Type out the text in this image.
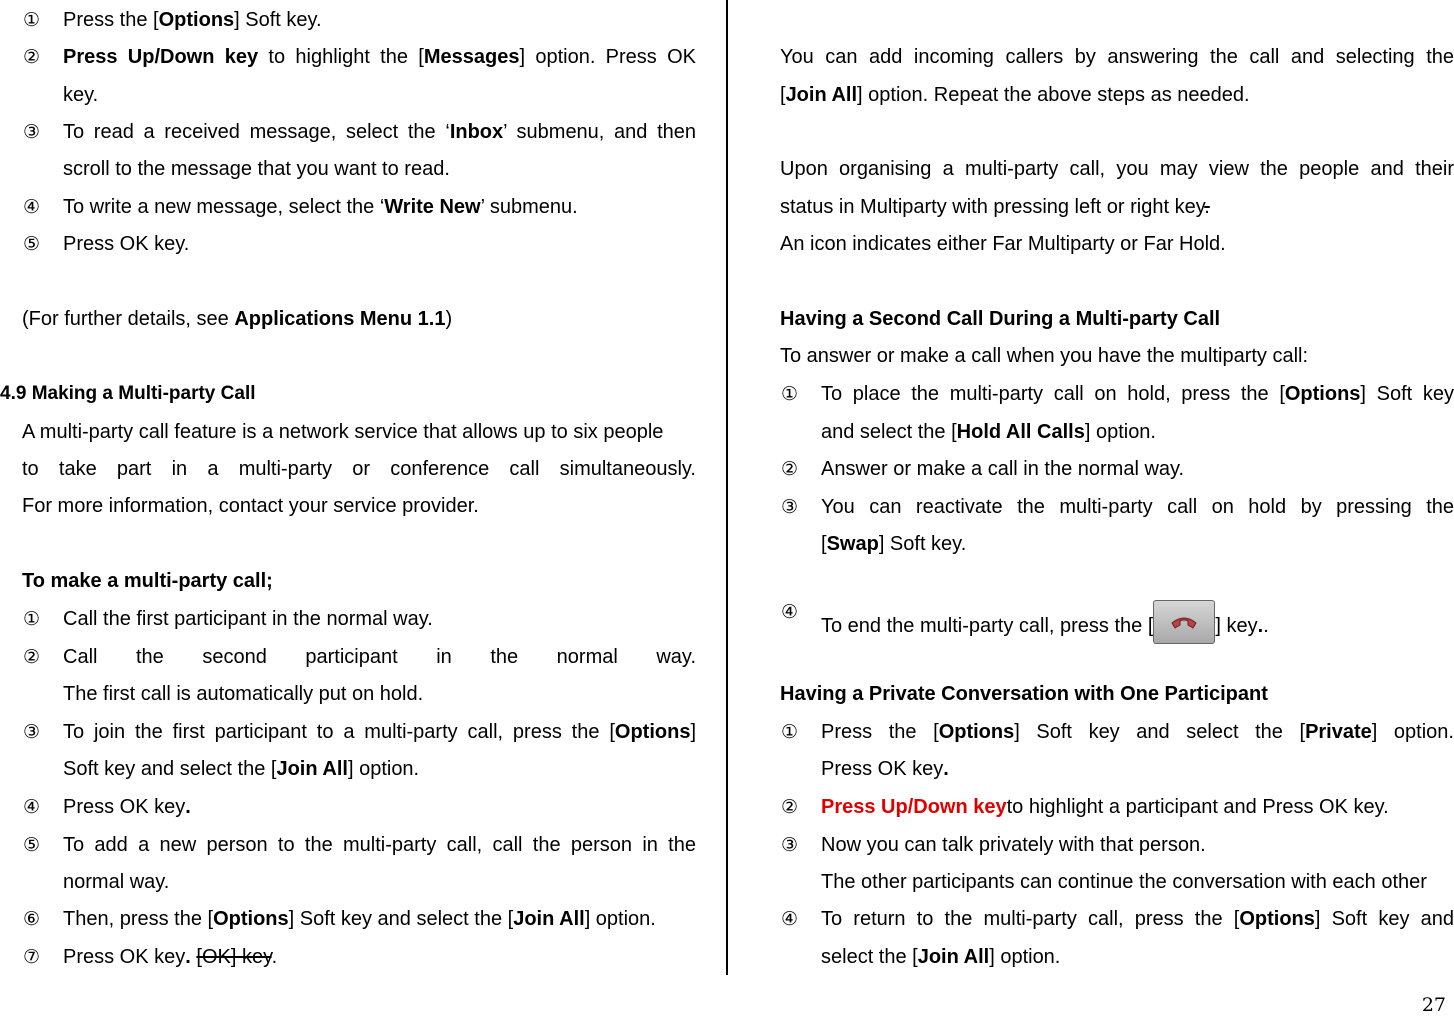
① Press the [Options] Soft key.
② Press Up/Down key to highlight the [Messages] option. Press OK
key.
③ To read a received message, select the ‘Inbox’ submenu, and then
scroll to the message that you want to read.
④ To write a new message, select the ‘Write New’ submenu.
⑤ Press OK key.
(For further details, see Applications Menu 1.1)
4.9 Making a Multi-party Call
A multi-party call feature is a network service that allows up to six people
to take part in a multi-party or conference call simultaneously.
For more information, contact your service provider.
To make a multi-party call;
① Call the first participant in the normal way.
② Call the second participant in the normal way.
The first call is automatically put on hold.
③ To join the first participant to a multi-party call, press the [Options]
Soft key and select the [Join All] option.
④ Press OK key.
⑤ To add a new person to the multi-party call, call the person in the
normal way.
⑥ Then, press the [Options] Soft key and select the [Join All] option.
⑦ Press OK key. [OK] key.
You can add incoming callers by answering the call and selecting the
[Join All] option. Repeat the above steps as needed.
Upon organising a multi-party call, you may view the people and their
status in Multiparty with pressing left or right key.
An icon indicates either Far Multiparty or Far Hold.
Having a Second Call During a Multi-party Call
To answer or make a call when you have the multiparty call:
① To place the multi-party call on hold, press the [Options] Soft key
and select the [Hold All Calls] option.
② Answer or make a call in the normal way.
③ You can reactivate the multi-party call on hold by pressing the
[Swap] Soft key.
④
To end the multi-party call, press the [	] key..
Having a Private Conversation with One Participant
① Press the [Options] Soft key and select the [Private] option.
Press OK key.
② Press Up/Down keyto highlight a participant and Press OK key.
③ Now you can talk privately with that person.
The other participants can continue the conversation with each other
④ To return to the multi-party call, press the [Options] Soft key and
select the [Join All] option.
27
